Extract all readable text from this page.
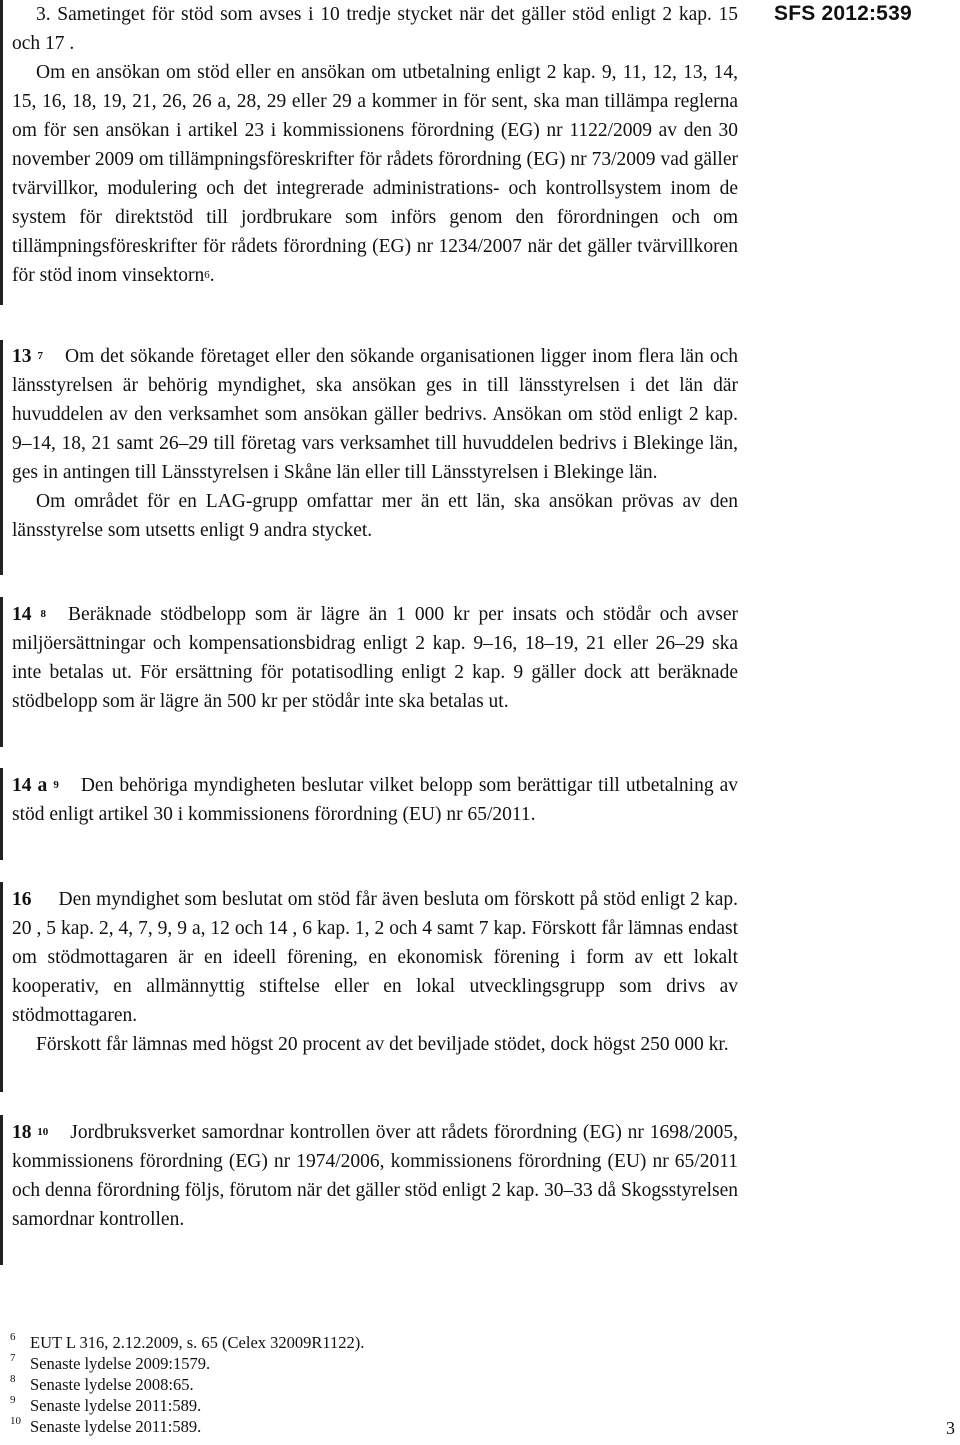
SFS 2012:539

3. Sametinget för stöd som avses i 10 tredje stycket när det gäller stöd enligt 2 kap. 15 och 17 .

Om en ansökan om stöd eller en ansökan om utbetalning enligt 2 kap. 9, 11, 12, 13, 14, 15, 16, 18, 19, 21, 26, 26 a, 28, 29 eller 29 a kommer in för sent, ska man tillämpa reglerna om för sen ansökan i artikel 23 i kommissionens förordning (EG) nr 1122/2009 av den 30 november 2009 om tillämpningsföreskrifter för rådets förordning (EG) nr 73/2009 vad gäller tvärvillkor, modulering och det integrerade administrations- och kontrollsystem inom de system för direktstöd till jordbrukare som införs genom den förordningen och om tillämpningsföreskrifter för rådets förordning (EG) nr 1234/2007 när det gäller tvärvillkoren för stöd inom vinsektorn$^6$.

13 $^7$ Om det sökande företaget eller den sökande organisationen ligger inom flera län och länsstyrelsen är behörig myndighet, ska ansökan ges in till länsstyrelsen i det län där huvuddelen av den verksamhet som ansökan gäller bedrivs. Ansökan om stöd enligt 2 kap. 9–14, 18, 21 samt 26–29 till företag vars verksamhet till huvuddelen bedrivs i Blekinge län, ges in antingen till Länsstyrelsen i Skåne län eller till Länsstyrelsen i Blekinge län.

Om området för en LAG-grupp omfattar mer än ett län, ska ansökan prövas av den länsstyrelse som utsetts enligt 9 andra stycket.

14 $^8$ Beräknade stödbelopp som är lägre än 1 000 kr per insats och stödår och avser miljöersättningar och kompensationsbidrag enligt 2 kap. 9–16, 18–19, 21 eller 26–29 ska inte betalas ut. För ersättning för potatisodling enligt 2 kap. 9 gäller dock att beräknade stödbelopp som är lägre än 500 kr per stödår inte ska betalas ut.

14 a $^9$ Den behöriga myndigheten beslutar vilket belopp som berättigar till utbetalning av stöd enligt artikel 30 i kommissionens förordning (EU) nr 65/2011.

16 Den myndighet som beslutat om stöd får även besluta om förskott på stöd enligt 2 kap. 20 , 5 kap. 2, 4, 7, 9, 9 a, 12 och 14 , 6 kap. 1, 2 och 4 samt 7 kap. Förskott får lämnas endast om stödmottagaren är en ideell förening, en ekonomisk förening i form av ett lokalt kooperativ, en allmännyttig stiftelse eller en lokal utvecklingsgrupp som drivs av stödmottagaren.

Förskott får lämnas med högst 20 procent av det beviljade stödet, dock högst 250 000 kr.

18 $^{10}$ Jordbruksverket samordnar kontrollen över att rådets förordning (EG) nr 1698/2005, kommissionens förordning (EG) nr 1974/2006, kommissionens förordning (EU) nr 65/2011 och denna förordning följs, förutom när det gäller stöd enligt 2 kap. 30–33 då Skogsstyrelsen samordnar kontrollen.

6 EUT L 316, 2.12.2009, s. 65 (Celex 32009R1122).
7 Senaste lydelse 2009:1579.
8 Senaste lydelse 2008:65.
9 Senaste lydelse 2011:589.
10 Senaste lydelse 2011:589.	3
